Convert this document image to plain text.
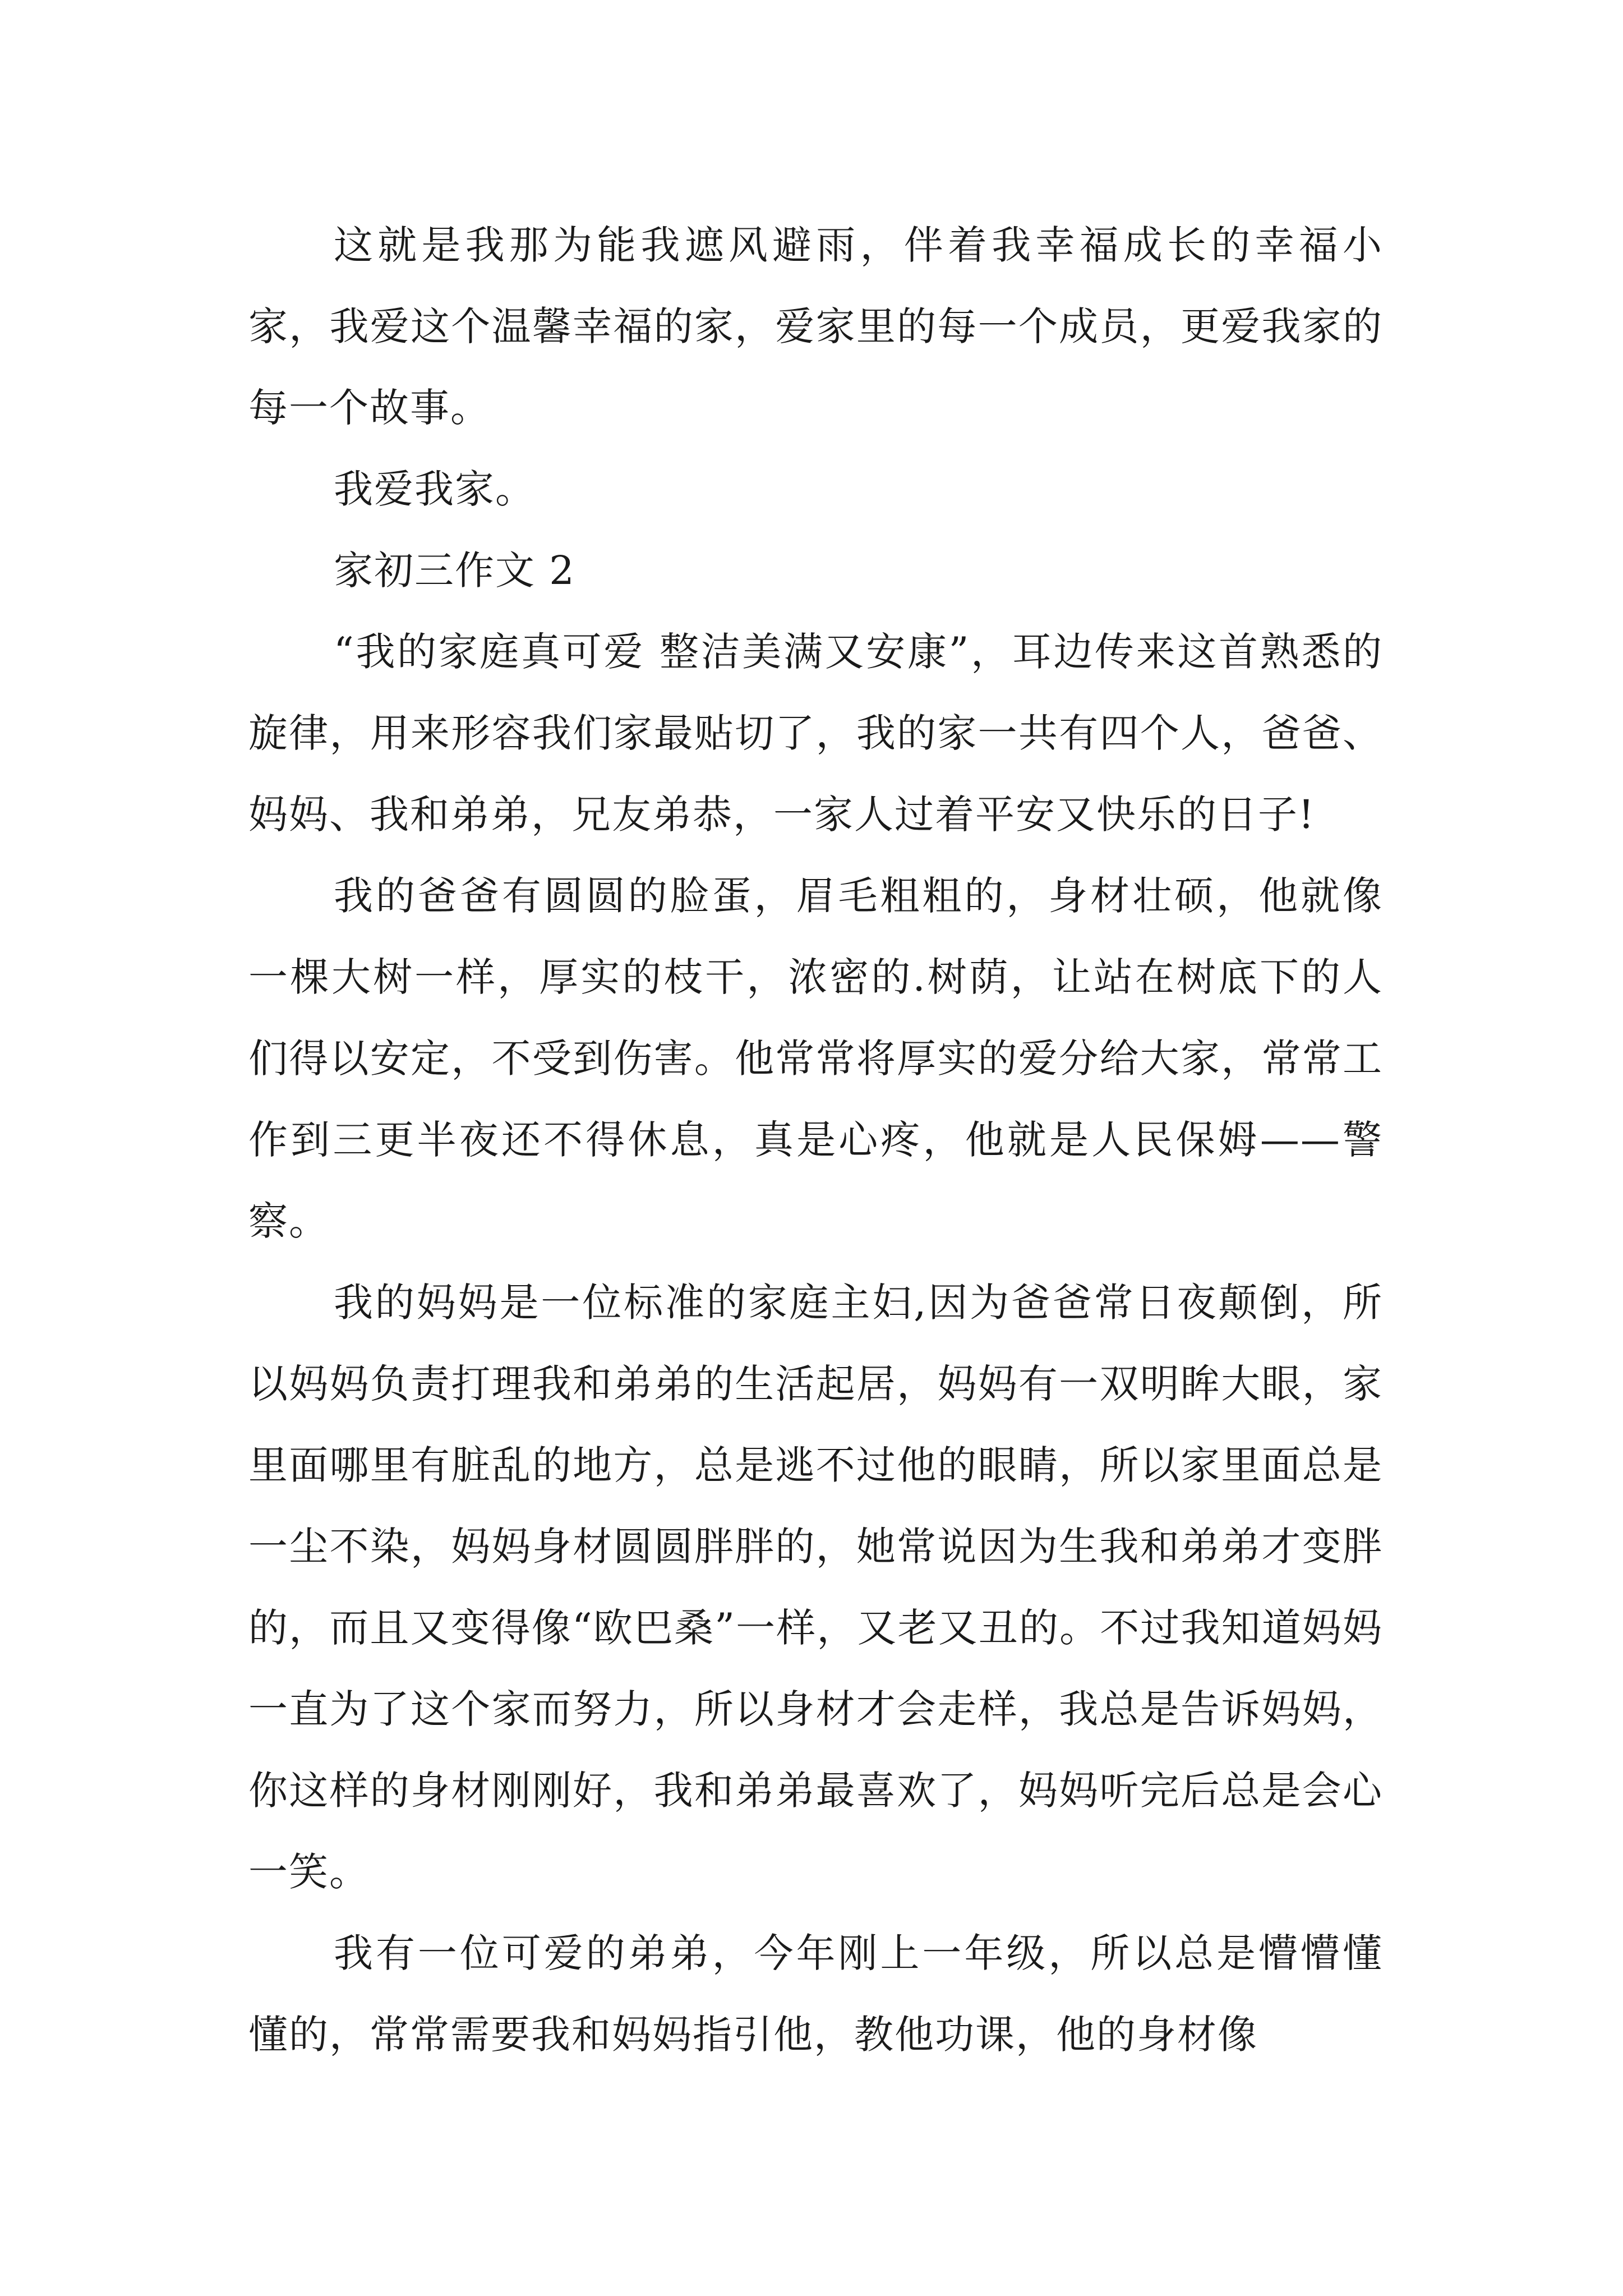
这就是我那为能我遮风避雨，伴着我幸福成长的幸福小家，我爱这个温馨幸福的家，爱家里的每一个成员，更爱我家的每一个故事。

我爱我家。

家初三作文 2

“我的家庭真可爱 整洁美满又安康”，耳边传来这首熟悉的旋律，用来形容我们家最贴切了，我的家一共有四个人，爸爸、妈妈、我和弟弟，兄友弟恭，一家人过着平安又快乐的日子!

我的爸爸有圆圆的脸蛋，眉毛粗粗的，身材壮硕，他就像一棵大树一样，厚实的枝干，浓密的.树荫，让站在树底下的人们得以安定，不受到伤害。他常常将厚实的爱分给大家，常常工作到三更半夜还不得休息，真是心疼，他就是人民保姆——警察。

我的妈妈是一位标准的家庭主妇,因为爸爸常日夜颠倒，所以妈妈负责打理我和弟弟的生活起居，妈妈有一双明眸大眼，家里面哪里有脏乱的地方，总是逃不过他的眼睛，所以家里面总是一尘不染，妈妈身材圆圆胖胖的，她常说因为生我和弟弟才变胖的，而且又变得像“欧巴桑”一样，又老又丑的。不过我知道妈妈一直为了这个家而努力，所以身材才会走样，我总是告诉妈妈，你这样的身材刚刚好，我和弟弟最喜欢了，妈妈听完后总是会心一笑。

我有一位可爱的弟弟，今年刚上一年级，所以总是懵懵懂懂的，常常需要我和妈妈指引他，教他功课，他的身材像
